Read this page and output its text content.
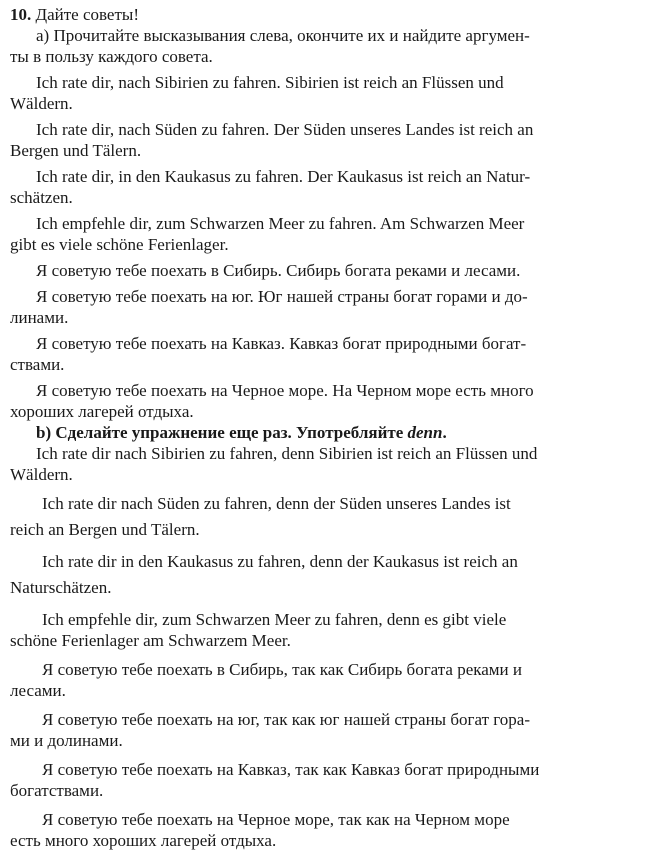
10. Дайте советы!

а) Прочитайте высказывания слева, окончите их и найдите аргумен-

ты в пользу каждого совета.

Ich rate dir, nach Sibirien zu fahren. Sibirien ist reich an Flüssen und

Wäldern.

Ich rate dir, nach Süden zu fahren. Der Süden unseres Landes ist reich an

Bergen und Tälern.

Ich rate dir, in den Kaukasus zu fahren. Der Kaukasus ist reich an Natur-

schätzen.

Ich empfehle dir, zum Schwarzen Meer zu fahren. Am Schwarzen Meer

gibt es viele schöne Ferienlager.

Я советую тебе поехать в Сибирь. Сибирь богата реками и лесами.

Я советую тебе поехать на юг. Юг нашей страны богат горами и до-

линами.

Я советую тебе поехать на Кавказ. Кавказ богат природными богат-

ствами.

Я советую тебе поехать на Черное море. На Черном море есть много

хороших лагерей отдыха.

b) Сделайте упражнение еще раз. Употребляйте denn.

Ich rate dir nach Sibirien zu fahren, denn Sibirien ist reich an Flüssen und

Wäldern.

Ich rate dir nach Süden zu fahren, denn der Süden unseres Landes ist

reich an Bergen und Tälern.

Ich rate dir in den Kaukasus zu fahren, denn der Kaukasus ist reich an

Naturschätzen.

Ich empfehle dir, zum Schwarzen Meer zu fahren, denn es gibt viele

schöne Ferienlager am Schwarzem Meer.

Я советую тебе поехать в Сибирь, так как Сибирь богата реками и

лесами.

Я советую тебе поехать на юг, так как юг нашей страны богат гора-

ми и долинами.

Я советую тебе поехать на Кавказ, так как Кавказ богат природными

богатствами.

Я советую тебе поехать на Черное море, так как на Черном море

есть много хороших лагерей отдыха.
